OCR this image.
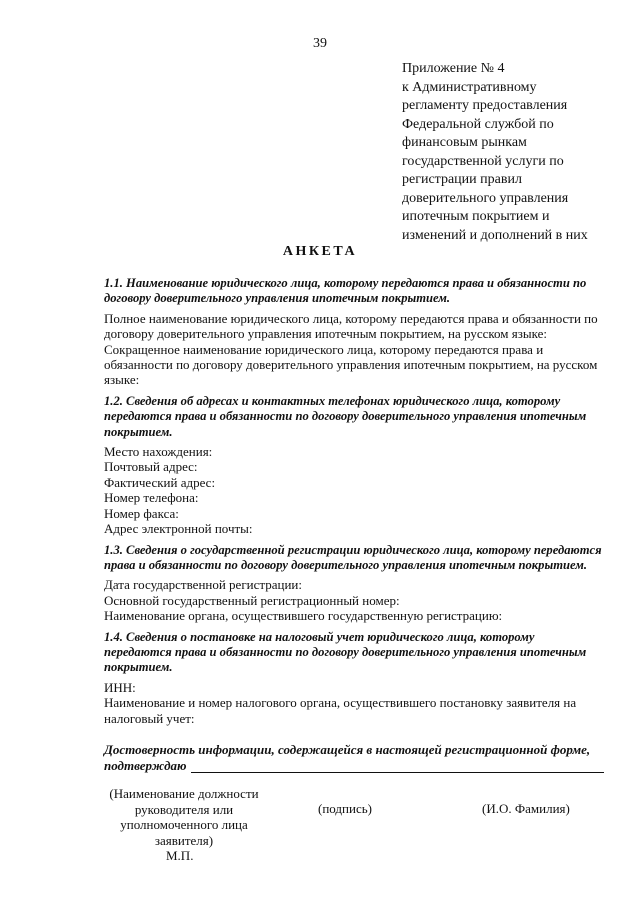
39
Приложение № 4
к Административному
регламенту предоставления
Федеральной службой по
финансовым рынкам
государственной услуги по
регистрации правил
доверительного управления
ипотечным покрытием и
изменений и дополнений в них
АНКЕТА
1.1. Наименование юридического лица, которому передаются права и обязанности по договору доверительного управления ипотечным покрытием.
Полное наименование юридического лица, которому передаются права и обязанности по договору доверительного управления ипотечным покрытием, на русском языке:
Сокращенное наименование юридического лица, которому передаются права и обязанности по договору доверительного управления ипотечным покрытием, на русском языке:
1.2. Сведения об адресах и контактных телефонах юридического лица, которому передаются права и обязанности по договору доверительного управления ипотечным покрытием.
Место нахождения:
Почтовый адрес:
Фактический адрес:
Номер телефона:
Номер факса:
Адрес электронной почты:
1.3. Сведения о государственной регистрации юридического лица, которому передаются права и обязанности по договору доверительного управления ипотечным покрытием.
Дата государственной регистрации:
Основной государственный регистрационный номер:
Наименование органа, осуществившего государственную регистрацию:
1.4. Сведения о постановке на налоговый учет юридического лица, которому передаются права и обязанности по договору доверительного управления ипотечным покрытием.
ИНН:
Наименование и номер налогового органа, осуществившего постановку заявителя на налоговый учет:
Достоверность информации, содержащейся в настоящей регистрационной форме,
подтверждаю
(Наименование должности
руководителя или
уполномоченного лица
заявителя)
(подпись)	(И.О. Фамилия)
М.П.
